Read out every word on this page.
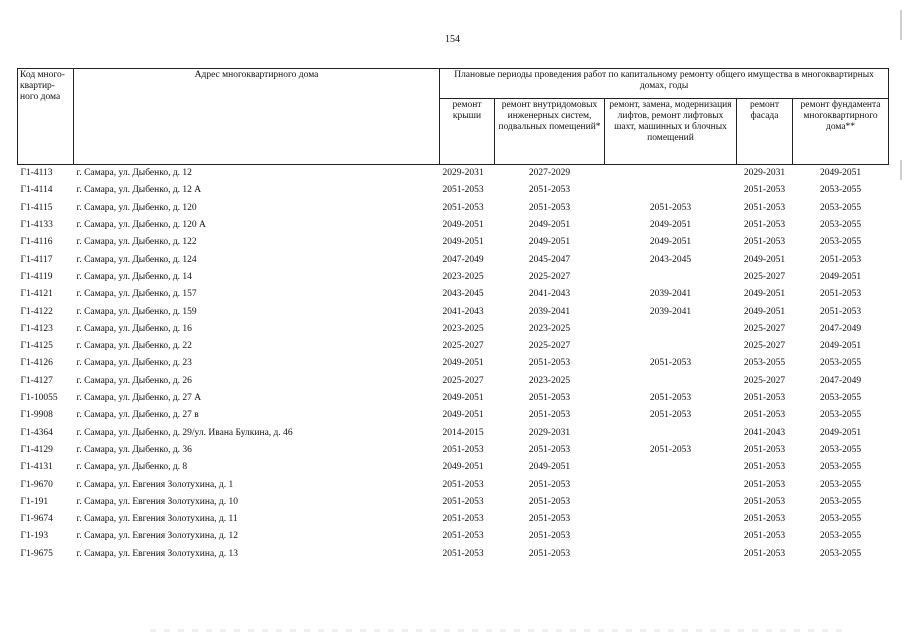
154
Код много-квартир-ного дома	Адрес многоквартирного дома	Плановые периоды проведения работ по капитальному ремонту общего имущества в многоквартирных домах, годы				
		ремонт крыши	ремонт внутридомовых инженерных систем, подвальных помещений*	ремонт, замена, модернизация лифтов, ремонт лифтовых шахт, машинных и блочных помещений	ремонт фасада	ремонт фундамента многоквартирного дома**
Г1-4113	г. Самара, ул. Дыбенко, д. 12	2029-2031	2027-2029		2029-2031	2049-2051
Г1-4114	г. Самара, ул. Дыбенко, д. 12 А	2051-2053	2051-2053		2051-2053	2053-2055
Г1-4115	г. Самара, ул. Дыбенко, д. 120	2051-2053	2051-2053	2051-2053	2051-2053	2053-2055
Г1-4133	г. Самара, ул. Дыбенко, д. 120 А	2049-2051	2049-2051	2049-2051	2051-2053	2053-2055
Г1-4116	г. Самара, ул. Дыбенко, д. 122	2049-2051	2049-2051	2049-2051	2051-2053	2053-2055
Г1-4117	г. Самара, ул. Дыбенко, д. 124	2047-2049	2045-2047	2043-2045	2049-2051	2051-2053
Г1-4119	г. Самара, ул. Дыбенко, д. 14	2023-2025	2025-2027		2025-2027	2049-2051
Г1-4121	г. Самара, ул. Дыбенко, д. 157	2043-2045	2041-2043	2039-2041	2049-2051	2051-2053
Г1-4122	г. Самара, ул. Дыбенко, д. 159	2041-2043	2039-2041	2039-2041	2049-2051	2051-2053
Г1-4123	г. Самара, ул. Дыбенко, д. 16	2023-2025	2023-2025		2025-2027	2047-2049
Г1-4125	г. Самара, ул. Дыбенко, д. 22	2025-2027	2025-2027		2025-2027	2049-2051
Г1-4126	г. Самара, ул. Дыбенко, д. 23	2049-2051	2051-2053	2051-2053	2053-2055	2053-2055
Г1-4127	г. Самара, ул. Дыбенко, д. 26	2025-2027	2023-2025		2025-2027	2047-2049
Г1-10055	г. Самара, ул. Дыбенко, д. 27 А	2049-2051	2051-2053	2051-2053	2051-2053	2053-2055
Г1-9908	г. Самара, ул. Дыбенко, д. 27 в	2049-2051	2051-2053	2051-2053	2051-2053	2053-2055
Г1-4364	г. Самара, ул. Дыбенко, д. 29/ул. Ивана Булкина, д. 46	2014-2015	2029-2031		2041-2043	2049-2051
Г1-4129	г. Самара, ул. Дыбенко, д. 36	2051-2053	2051-2053	2051-2053	2051-2053	2053-2055
Г1-4131	г. Самара, ул. Дыбенко, д. 8	2049-2051	2049-2051		2051-2053	2053-2055
Г1-9670	г. Самара, ул. Евгения Золотухина, д. 1	2051-2053	2051-2053		2051-2053	2053-2055
Г1-191	г. Самара, ул. Евгения Золотухина, д. 10	2051-2053	2051-2053		2051-2053	2053-2055
Г1-9674	г. Самара, ул. Евгения Золотухина, д. 11	2051-2053	2051-2053		2051-2053	2053-2055
Г1-193	г. Самара, ул. Евгения Золотухина, д. 12	2051-2053	2051-2053		2051-2053	2053-2055
Г1-9675	г. Самара, ул. Евгения Золотухина, д. 13	2051-2053	2051-2053		2051-2053	2053-2055
